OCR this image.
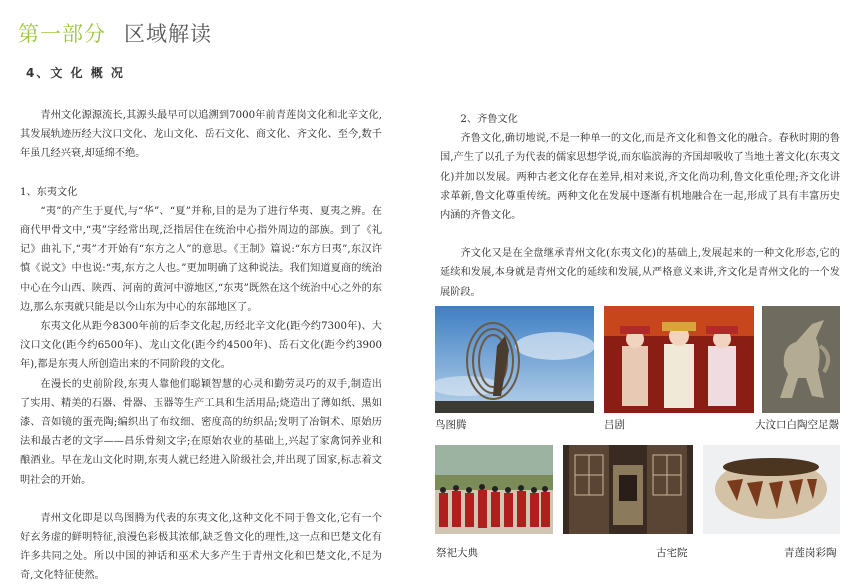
第一部分 区域解读
4、文 化 概 况

青州文化源源流长,其源头最早可以追溯到7000年前青莲岗文化和北辛文化,其发展轨迹历经大汶口文化、龙山文化、岳石文化、商文化、齐文化、至今,数千年虽几经兴衰,却延绵不绝。

1、东夷文化

“夷”的产生于夏代,与“华”、“夏”并称,目的是为了进行华夷、夏夷之辨。在商代甲骨文中,“夷”字经常出现,泛指居住在统治中心指外周边的部族。到了《礼记》曲礼下,“夷”才开始有“东方之人”的意思。《王制》篇说:“东方曰夷”,东汉许慎《说文》中也说:“夷,东方之人也。”更加明确了这种说法。我们知道夏商的统治中心在今山西、陕西、河南的黄河中游地区,“东夷”既然在这个统治中心之外的东边,那么东夷就只能是以今山东为中心的东部地区了。

东夷文化从距今8300年前的后李文化起,历经北辛文化(距今约7300年)、大汶口文化(距今约6500年)、龙山文化(距今约4500年)、岳石文化(距今约3900年),都是东夷人所创造出来的不同阶段的文化。

在漫长的史前阶段,东夷人靠他们聪颖智慧的心灵和勤劳灵巧的双手,制造出了实用、精美的石器、骨器、玉器等生产工具和生活用品;烧造出了薄如纸、黑如漆、音如镜的蛋壳陶;编织出了布纹细、密度高的纺织品;发明了冶铜术、原始历法和最古老的文字——昌乐骨刻文字;在原始农业的基础上,兴起了家禽饲养业和酿酒业。早在龙山文化时期,东夷人就已经进入阶级社会,并出现了国家,标志着文明社会的开始。

青州文化即是以鸟图腾为代表的东夷文化,这种文化不同于鲁文化,它有一个好玄务虚的鲜明特征,浪漫色彩极其浓郁,缺乏鲁文化的理性,这一点和巴楚文化有许多共同之处。所以中国的神话和巫术大多产生于青州文化和巴楚文化,不足为奇,文化特征使然。

2、齐鲁文化

齐鲁文化,确切地说,不是一种单一的文化,而是齐文化和鲁文化的融合。春秋时期的鲁国,产生了以孔子为代表的儒家思想学说,而东临滨海的齐国却吸收了当地土著文化(东夷文化)并加以发展。两种古老文化存在差异,相对来说,齐文化尚功利,鲁文化重伦理;齐文化讲求革新,鲁文化尊重传统。两种文化在发展中逐渐有机地融合在一起,形成了具有丰富历史内涵的齐鲁文化。

齐文化又是在全盘继承青州文化(东夷文化)的基础上,发展起来的一种文化形态,它的延续和发展,本身就是青州文化的延续和发展,从严格意义来讲,齐文化是青州文化的一个发展阶段。

鸟图腾	吕剧	大汶口白陶空足鬶
祭祀大典	古宅院	青莲岗彩陶
